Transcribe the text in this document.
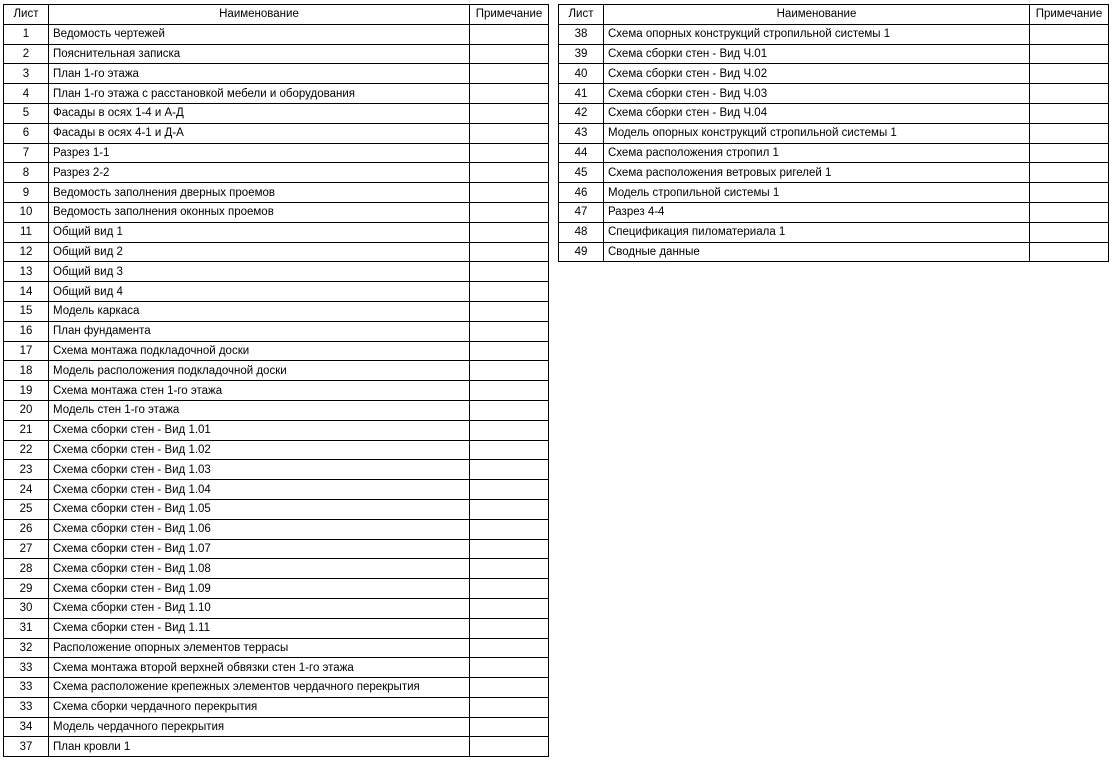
Лист	Наименование	Примечание
1	Ведомость чертежей	
2	Пояснительная записка	
3	План 1-го этажа	
4	План 1-го этажа с расстановкой мебели и оборудования	
5	Фасады в осях 1-4 и А-Д	
6	Фасады в осях 4-1 и Д-А	
7	Разрез 1-1	
8	Разрез 2-2	
9	Ведомость заполнения дверных проемов	
10	Ведомость заполнения оконных проемов	
11	Общий вид 1	
12	Общий вид 2	
13	Общий вид 3	
14	Общий вид 4	
15	Модель каркаса	
16	План фундамента	
17	Схема монтажа подкладочной доски	
18	Модель расположения подкладочной доски	
19	Схема монтажа стен 1-го этажа	
20	Модель стен 1-го этажа	
21	Схема сборки стен - Вид 1.01	
22	Схема сборки стен - Вид 1.02	
23	Схема сборки стен - Вид 1.03	
24	Схема сборки стен - Вид 1.04	
25	Схема сборки стен - Вид 1.05	
26	Схема сборки стен - Вид 1.06	
27	Схема сборки стен - Вид 1.07	
28	Схема сборки стен - Вид 1.08	
29	Схема сборки стен - Вид 1.09	
30	Схема сборки стен - Вид 1.10	
31	Схема сборки стен - Вид 1.11	
32	Расположение опорных элементов террасы	
33	Схема монтажа второй верхней обвязки стен 1-го этажа	
33	Схема расположение крепежных элементов чердачного перекрытия	
33	Схема сборки чердачного перекрытия	
34	Модель чердачного перекрытия	
37	План кровли 1	
Лист	Наименование	Примечание
38	Схема опорных конструкций стропильной системы 1	
39	Схема сборки стен - Вид Ч.01	
40	Схема сборки стен - Вид Ч.02	
41	Схема сборки стен - Вид Ч.03	
42	Схема сборки стен - Вид Ч.04	
43	Модель опорных конструкций стропильной системы 1	
44	Схема расположения стропил 1	
45	Схема расположения ветровых ригелей 1	
46	Модель стропильной системы 1	
47	Разрез 4-4	
48	Спецификация пиломатериала 1	
49	Сводные данные	
